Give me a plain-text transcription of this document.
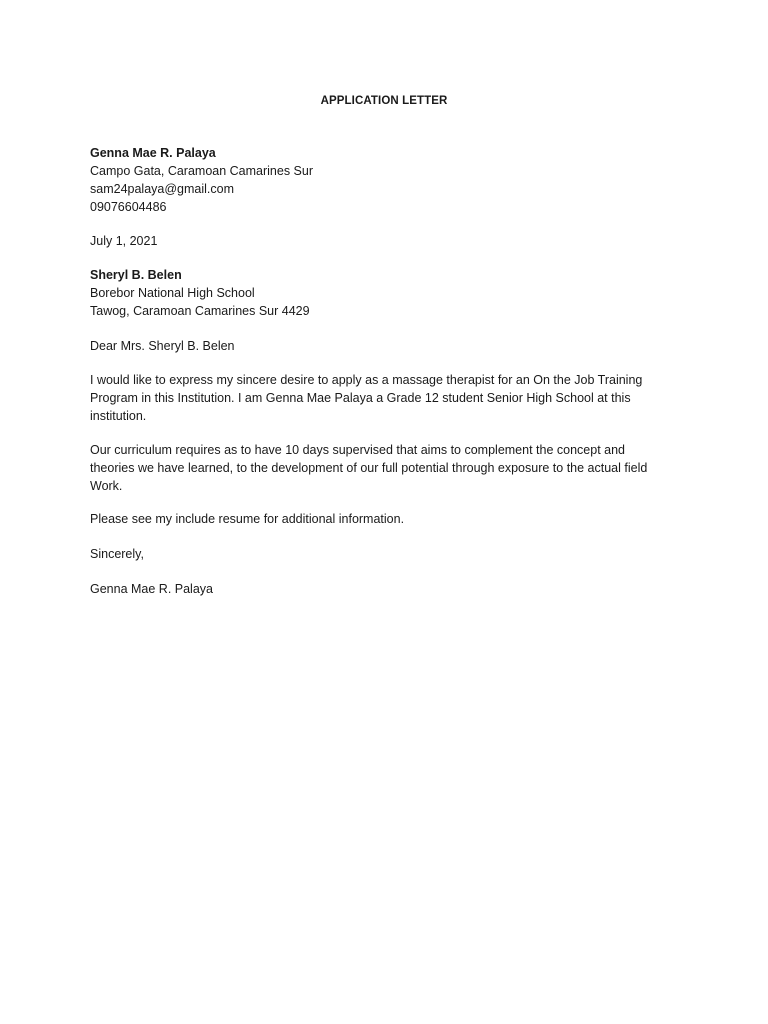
APPLICATION LETTER
Genna Mae R. Palaya
Campo Gata, Caramoan Camarines Sur
sam24palaya@gmail.com
09076604486
July 1, 2021
Sheryl B. Belen
Borebor National High School
Tawog, Caramoan Camarines Sur 4429
Dear Mrs. Sheryl B. Belen
I would like to express my sincere desire to apply as a massage therapist for an On the Job Training
Program in this Institution. I am Genna Mae Palaya a Grade 12 student Senior High School at this
institution.
Our curriculum requires as to have 10 days supervised that aims to complement the concept and
theories we have learned, to the development of our full potential through exposure to the actual field
Work.
Please see my include resume for additional information.
Sincerely,
Genna Mae R. Palaya
